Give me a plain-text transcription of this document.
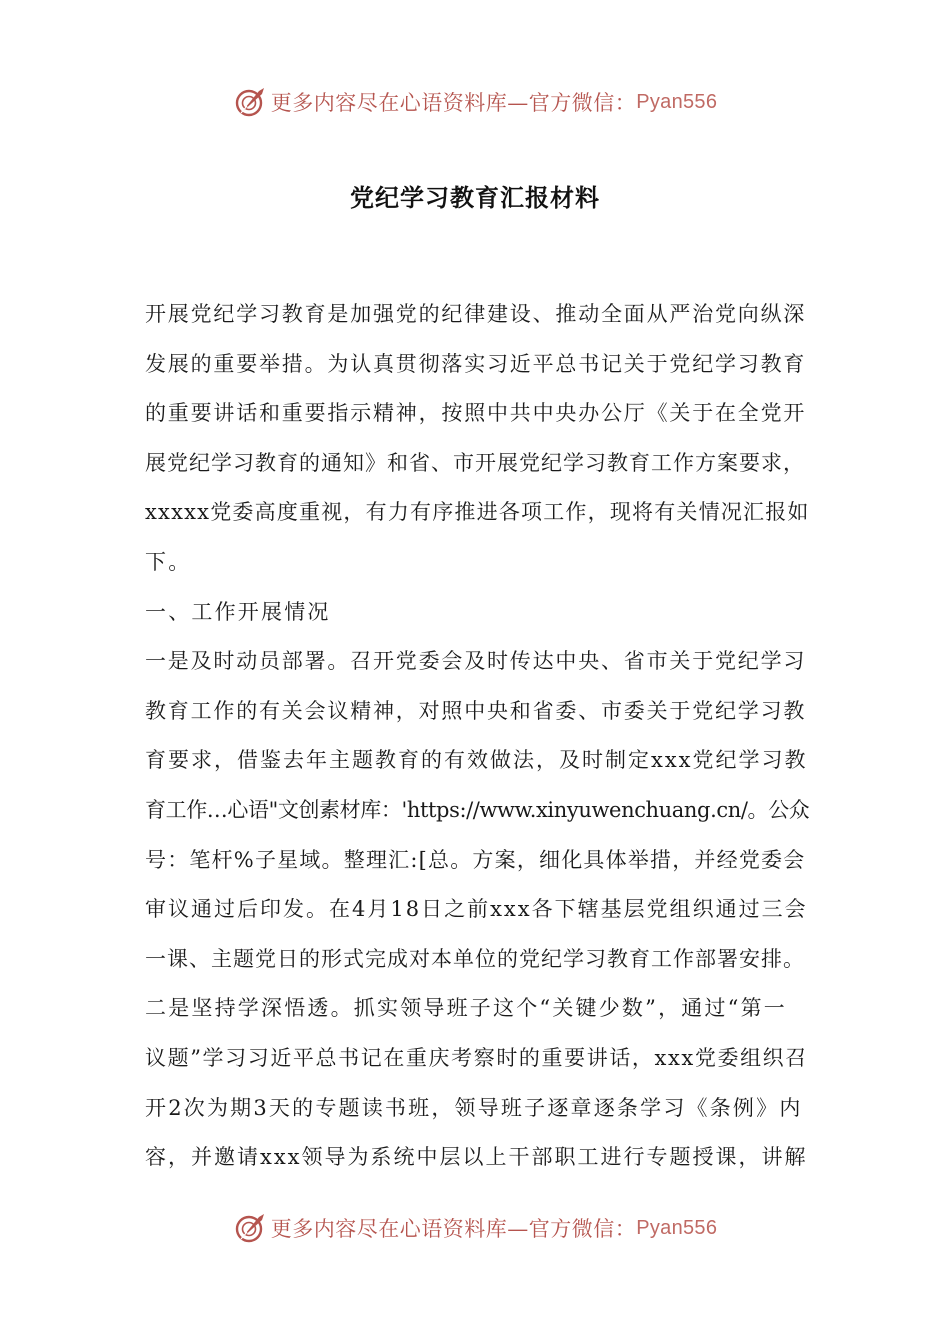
更多内容尽在心语资料库—官方微信： Pyan556
党纪学习教育汇报材料
开展党纪学习教育是加强党的纪律建设、推动全面从严治党向纵深
发展的重要举措。为认真贯彻落实习近平总书记关于党纪学习教育
的重要讲话和重要指示精神，按照中共中央办公厅《关于在全党开
展党纪学习教育的通知》和省、市开展党纪学习教育工作方案要求，
xxxxx党委高度重视，有力有序推进各项工作，现将有关情况汇报如
下。
一、工作开展情况
一是及时动员部署。召开党委会及时传达中央、省市关于党纪学习
教育工作的有关会议精神，对照中央和省委、市委关于党纪学习教
育要求，借鉴去年主题教育的有效做法，及时制定xxx党纪学习教
育工作…心语"文创素材库：'https://www.xinyuwenchuang.cn/。公众
号：笔杆%子星域。整理汇:[总。方案，细化具体举措，并经党委会
审议通过后印发。在4月18日之前xxx各下辖基层党组织通过三会
一课、主题党日的形式完成对本单位的党纪学习教育工作部署安排。
二是坚持学深悟透。抓实领导班子这个“关键少数”，通过“第一
议题”学习习近平总书记在重庆考察时的重要讲话，xxx党委组织召
开2次为期3天的专题读书班，领导班子逐章逐条学习《条例》内
容，并邀请xxx领导为系统中层以上干部职工进行专题授课，讲解
更多内容尽在心语资料库—官方微信： Pyan556
